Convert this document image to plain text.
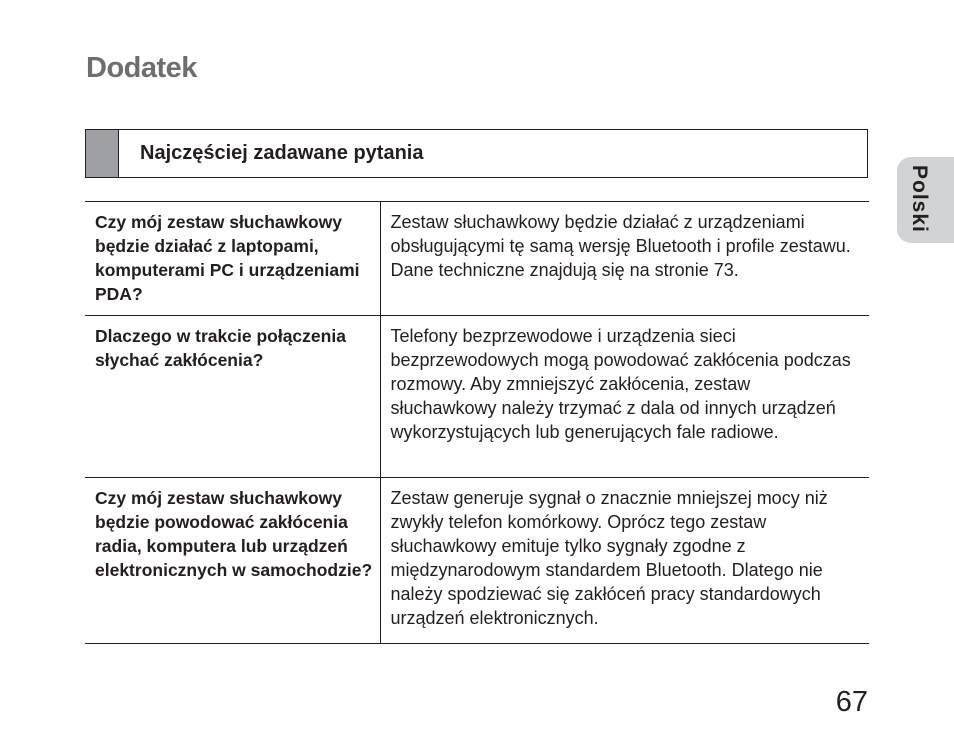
Dodatek
Najczęściej zadawane pytania
Czy mój zestaw słuchawkowy będzie działać z laptopami, komputerami PC i urządzeniami PDA?	Zestaw słuchawkowy będzie działać z urządzeniami obsługującymi tę samą wersję Bluetooth i profile zestawu. Dane techniczne znajdują się na stronie 73.
Dlaczego w trakcie połączenia słychać zakłócenia?	Telefony bezprzewodowe i urządzenia sieci bezprzewodowych mogą powodować zakłócenia podczas rozmowy. Aby zmniejszyć zakłócenia, zestaw słuchawkowy należy trzymać z dala od innych urządzeń wykorzystujących lub generujących fale radiowe.
Czy mój zestaw słuchawkowy będzie powodować zakłócenia radia, komputera lub urządzeń elektronicznych w samochodzie?	Zestaw generuje sygnał o znacznie mniejszej mocy niż zwykły telefon komórkowy. Oprócz tego zestaw słuchawkowy emituje tylko sygnały zgodne z międzynarodowym standardem Bluetooth. Dlatego nie należy spodziewać się zakłóceń pracy standardowych urządzeń elektronicznych.
Polski
67
